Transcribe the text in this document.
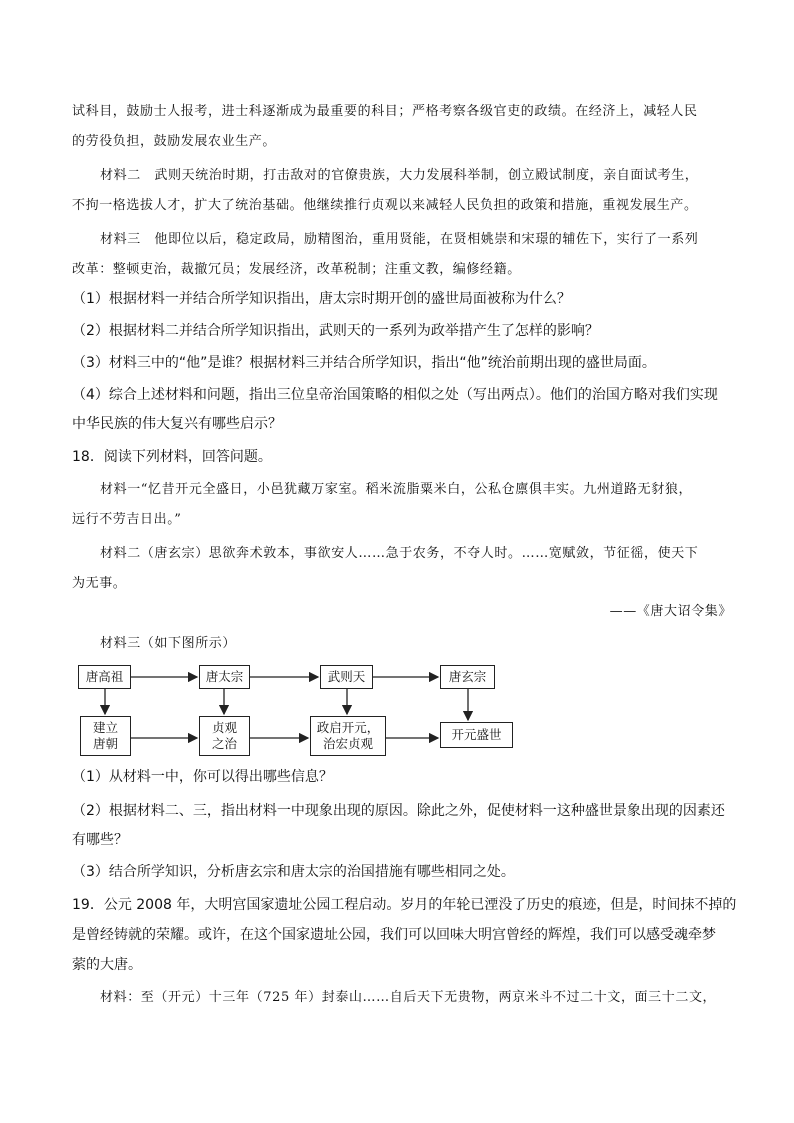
试科目，鼓励士人报考，进士科逐渐成为最重要的科目；严格考察各级官吏的政绩。在经济上，减轻人民
的劳役负担，鼓励发展农业生产。
材料二　武则天统治时期，打击敌对的官僚贵族，大力发展科举制，创立殿试制度，亲自面试考生，
不拘一格选拔人才，扩大了统治基础。他继续推行贞观以来减轻人民负担的政策和措施，重视发展生产。
材料三　他即位以后，稳定政局，励精图治，重用贤能，在贤相姚崇和宋璟的辅佐下，实行了一系列
改革：整顿吏治，裁撤冗员；发展经济，改革税制；注重文教，编修经籍。
（1）根据材料一并结合所学知识指出，唐太宗时期开创的盛世局面被称为什么？
（2）根据材料二并结合所学知识指出，武则天的一系列为政举措产生了怎样的影响？
（3）材料三中的“他”是谁？根据材料三并结合所学知识，指出“他”统治前期出现的盛世局面。
（4）综合上述材料和问题，指出三位皇帝治国策略的相似之处（写出两点）。他们的治国方略对我们实现
中华民族的伟大复兴有哪些启示？
18．阅读下列材料，回答问题。
材料一“忆昔开元全盛日，小邑犹藏万家室。稻米流脂粟米白，公私仓廪俱丰实。九州道路无豺狼，
远行不劳吉日出。”
材料二（唐玄宗）思欲奔术敦本，事欲安人……急于农务，不夺人时。……宽赋敛，节征徭，使天下
为无事。
——《唐大诏令集》
材料三（如下图所示）
唐高祖	唐太宗	武则天	唐玄宗
建立
唐朝
贞观
之治
政启开元，
治宏贞观
开元盛世
（1）从材料一中，你可以得出哪些信息？
（2）根据材料二、三，指出材料一中现象出现的原因。除此之外，促使材料一这种盛世景象出现的因素还
有哪些？
（3）结合所学知识，分析唐玄宗和唐太宗的治国措施有哪些相同之处。
19．公元 2008 年，大明宫国家遗址公园工程启动。岁月的年轮已湮没了历史的痕迹，但是，时间抹不掉的
是曾经铸就的荣耀。或许，在这个国家遗址公园，我们可以回味大明宫曾经的辉煌，我们可以感受魂牵梦
萦的大唐。
材料：至（开元）十三年（725 年）封泰山……自后天下无贵物，两京米斗不过二十文，面三十二文，
